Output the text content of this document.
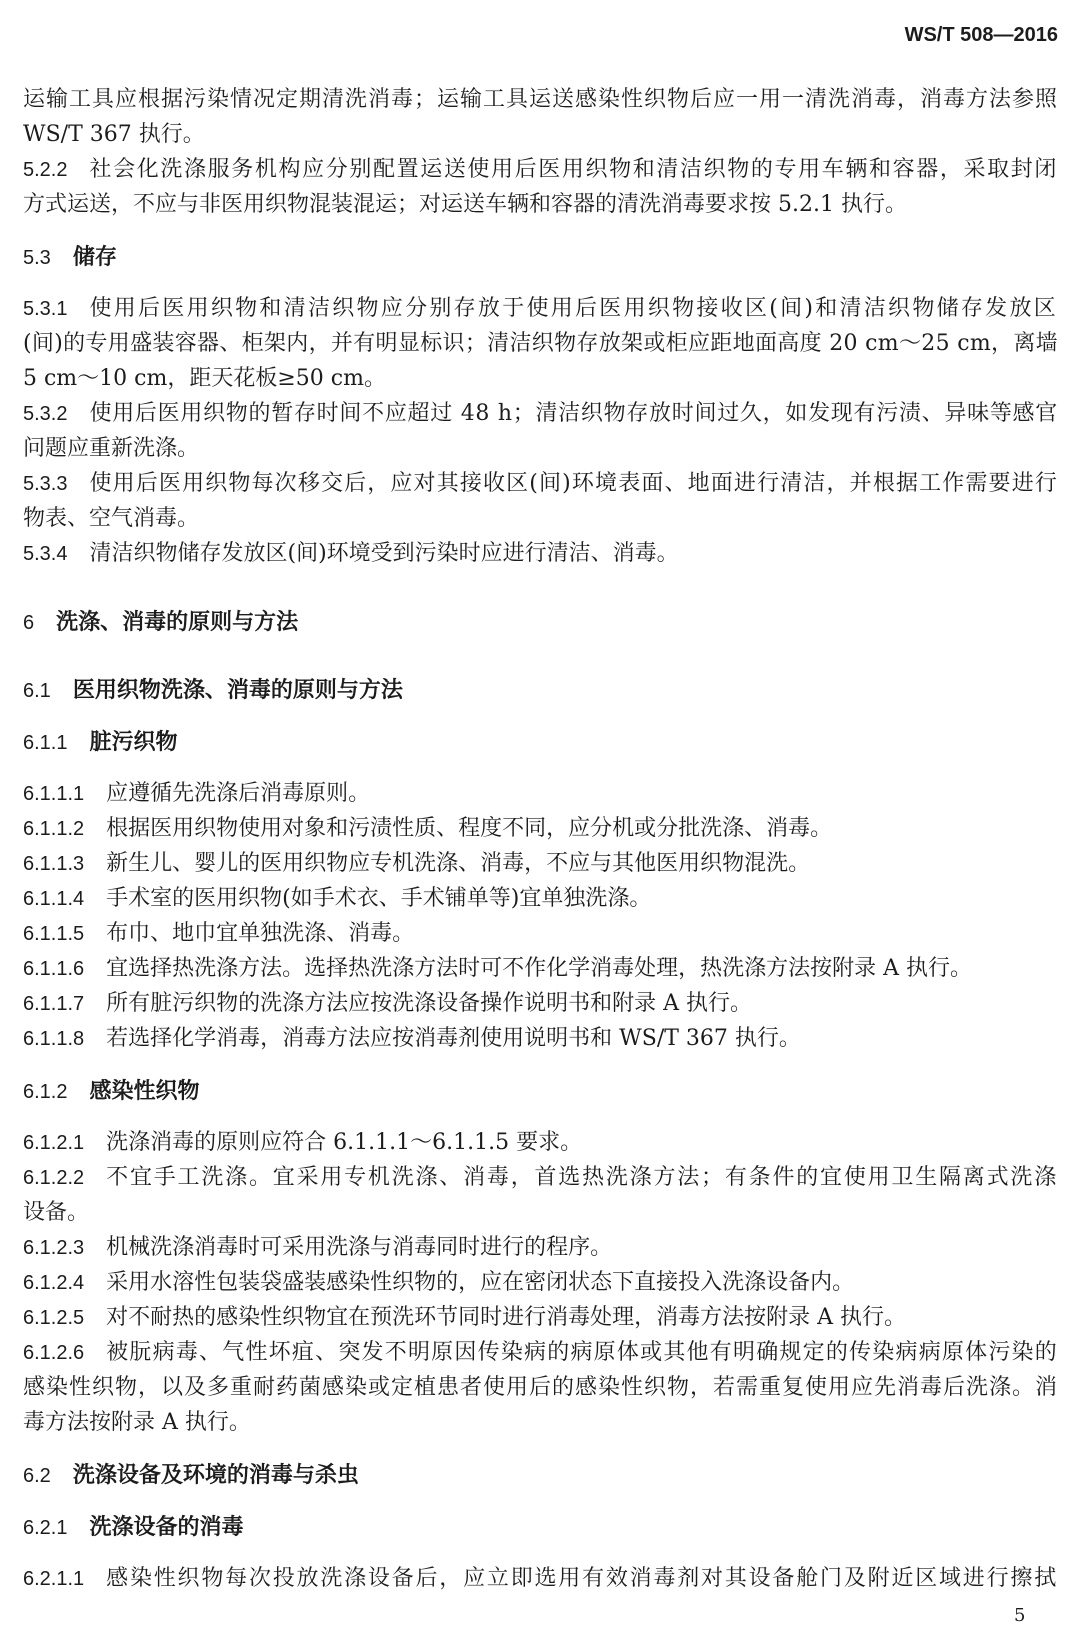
WS/T 508—2016
运输工具应根据污染情况定期清洗消毒；运输工具运送感染性织物后应一用一清洗消毒，消毒方法参照
WS/T 367 执行。
5.2.2 社会化洗涤服务机构应分别配置运送使用后医用织物和清洁织物的专用车辆和容器，采取封闭
方式运送，不应与非医用织物混装混运；对运送车辆和容器的清洗消毒要求按 5.2.1 执行。
5.3 储存
5.3.1 使用后医用织物和清洁织物应分别存放于使用后医用织物接收区(间)和清洁织物储存发放区
(间)的专用盛装容器、柜架内，并有明显标识；清洁织物存放架或柜应距地面高度 20 cm～25 cm，离墙
5 cm～10 cm，距天花板≥50 cm。
5.3.2 使用后医用织物的暂存时间不应超过 48 h；清洁织物存放时间过久，如发现有污渍、异味等感官
问题应重新洗涤。
5.3.3 使用后医用织物每次移交后，应对其接收区(间)环境表面、地面进行清洁，并根据工作需要进行
物表、空气消毒。
5.3.4 清洁织物储存发放区(间)环境受到污染时应进行清洁、消毒。
6 洗涤、消毒的原则与方法
6.1 医用织物洗涤、消毒的原则与方法
6.1.1 脏污织物
6.1.1.1 应遵循先洗涤后消毒原则。
6.1.1.2 根据医用织物使用对象和污渍性质、程度不同，应分机或分批洗涤、消毒。
6.1.1.3 新生儿、婴儿的医用织物应专机洗涤、消毒，不应与其他医用织物混洗。
6.1.1.4 手术室的医用织物(如手术衣、手术铺单等)宜单独洗涤。
6.1.1.5 布巾、地巾宜单独洗涤、消毒。
6.1.1.6 宜选择热洗涤方法。选择热洗涤方法时可不作化学消毒处理，热洗涤方法按附录 A 执行。
6.1.1.7 所有脏污织物的洗涤方法应按洗涤设备操作说明书和附录 A 执行。
6.1.1.8 若选择化学消毒，消毒方法应按消毒剂使用说明书和 WS/T 367 执行。
6.1.2 感染性织物
6.1.2.1 洗涤消毒的原则应符合 6.1.1.1～6.1.1.5 要求。
6.1.2.2 不宜手工洗涤。宜采用专机洗涤、消毒，首选热洗涤方法；有条件的宜使用卫生隔离式洗涤
设备。
6.1.2.3 机械洗涤消毒时可采用洗涤与消毒同时进行的程序。
6.1.2.4 采用水溶性包装袋盛装感染性织物的，应在密闭状态下直接投入洗涤设备内。
6.1.2.5 对不耐热的感染性织物宜在预洗环节同时进行消毒处理，消毒方法按附录 A 执行。
6.1.2.6 被朊病毒、气性坏疽、突发不明原因传染病的病原体或其他有明确规定的传染病病原体污染的
感染性织物，以及多重耐药菌感染或定植患者使用后的感染性织物，若需重复使用应先消毒后洗涤。消
毒方法按附录 A 执行。
6.2 洗涤设备及环境的消毒与杀虫
6.2.1 洗涤设备的消毒
6.2.1.1 感染性织物每次投放洗涤设备后，应立即选用有效消毒剂对其设备舱门及附近区域进行擦拭
5
